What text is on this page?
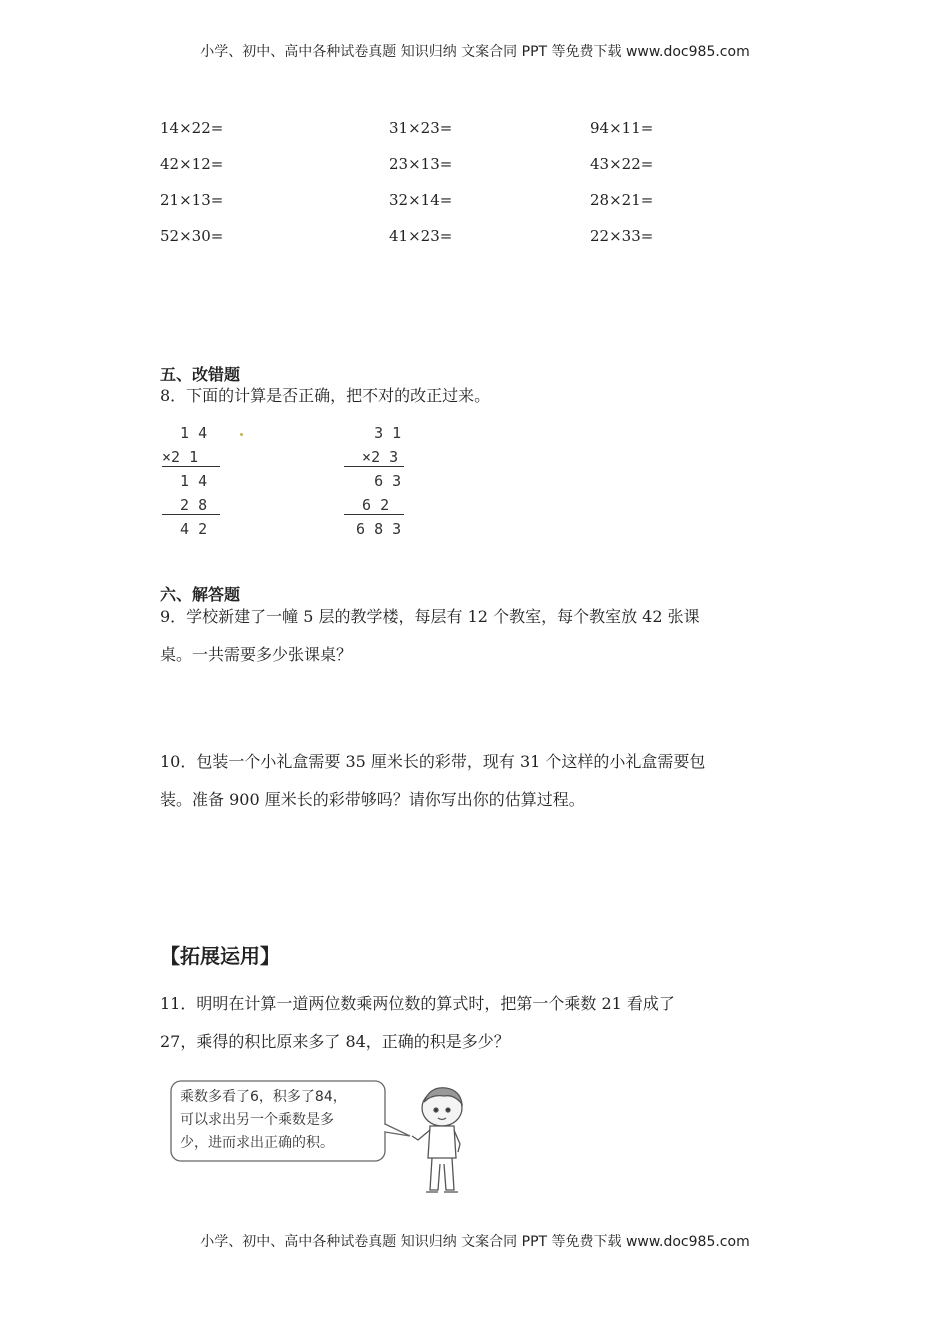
小学、初中、高中各种试卷真题 知识归纳 文案合同 PPT 等免费下载 www.doc985.com
14×22=	31×23=	94×11=
42×12=	23×13=	43×22=
21×13=	32×14=	28×21=
52×30=	41×23=	22×33=
五、改错题
8．下面的计算是否正确，把不对的改正过来。
1 4
×2 1
1 4
2 8
4 2
3 1
×2 3
6 3
6 2
6 8 3
六、解答题
9．学校新建了一幢 5 层的教学楼，每层有 12 个教室，每个教室放 42 张课
桌。一共需要多少张课桌？
10．包装一个小礼盒需要 35 厘米长的彩带，现有 31 个这样的小礼盒需要包
装。准备 900 厘米长的彩带够吗？请你写出你的估算过程。
【拓展运用】
11．明明在计算一道两位数乘两位数的算式时，把第一个乘数 21 看成了
27，乘得的积比原来多了 84，正确的积是多少？
乘数多看了6，积多了84，
可以求出另一个乘数是多
少，进而求出正确的积。
小学、初中、高中各种试卷真题 知识归纳 文案合同 PPT 等免费下载 www.doc985.com
